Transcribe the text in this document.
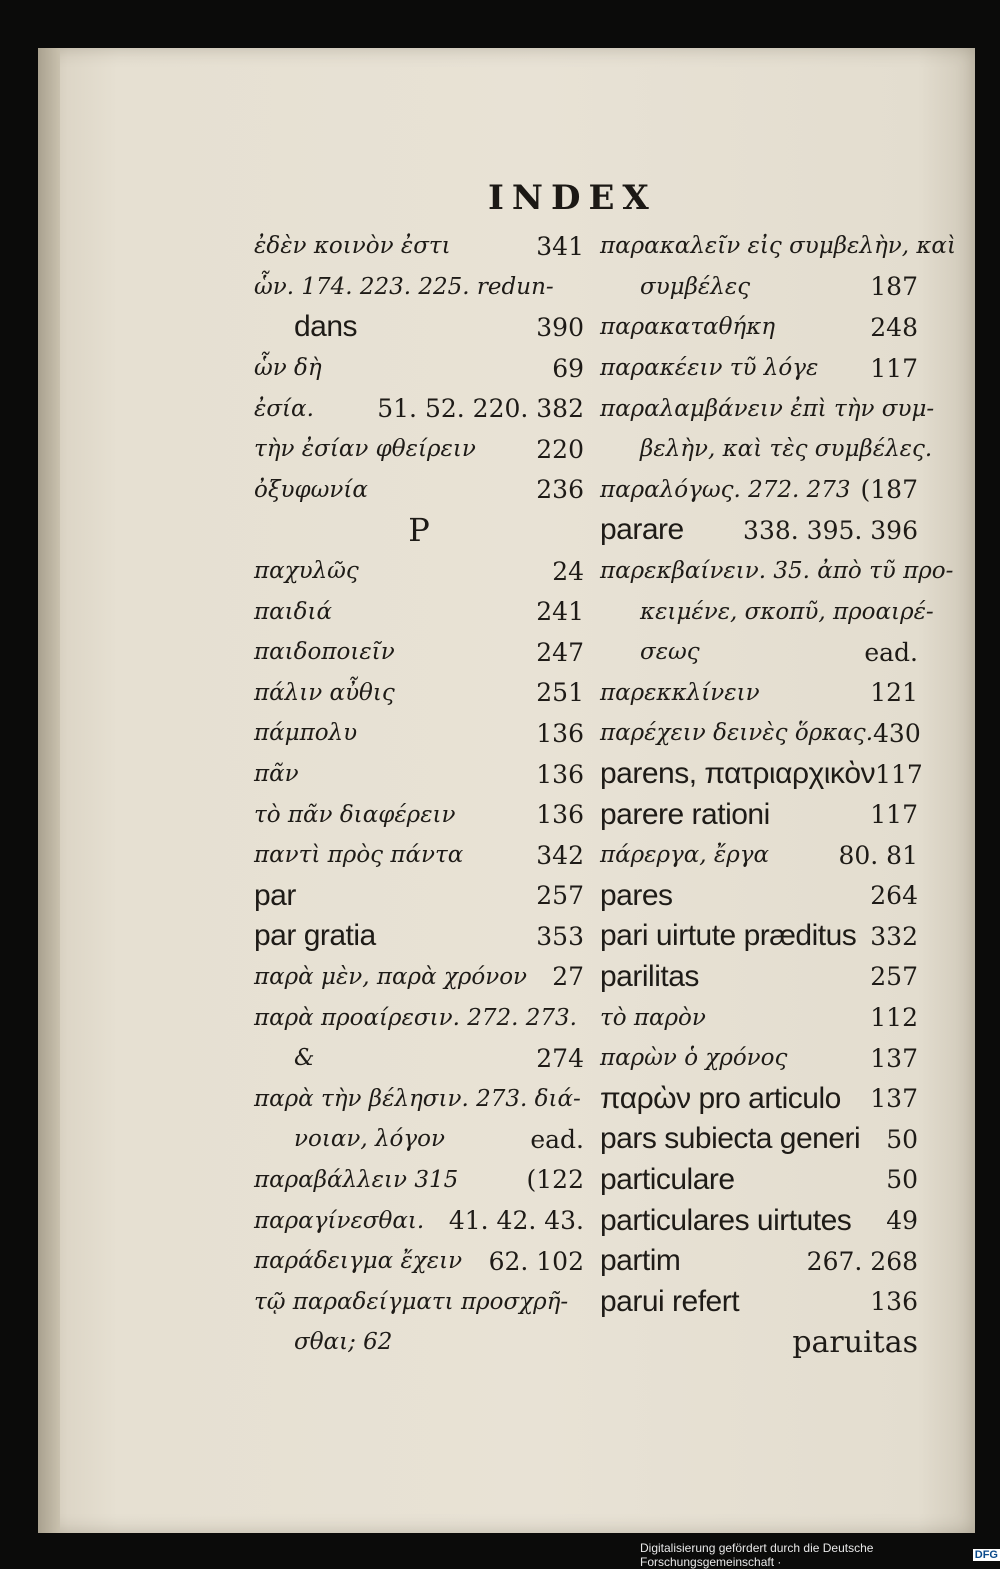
INDEX
ἐδὲν κοινὸν ἐστι	341
ὧν. 174. 223. 225. redun-
dans	390
ὧν δὴ	69
ἐσία.	51. 52. 220. 382
τὴν ἐσίαν φθείρειν 220
ὀξυφωνία	236
P
παχυλῶς	24
παιδιά	241
παιδοποιεῖν	247
πάλιν αὖθις	251
πάμπολυ	136
πᾶν	136
τὸ πᾶν διαφέρειν	136
παντὶ πρὸς πάντα	342
par	257
par gratia	353
παρὰ μὲν, παρὰ χρόνον 27
παρὰ προαίρεσιν. 272. 273.
&	274
παρὰ τὴν βέλησιν. 273. διά-
νοιαν, λόγον	ead.
παραβάλλειν 315	(122
παραγίνεσθαι. 41. 42. 43.
παράδειγμα ἔχειν 62. 102
τῷ παραδείγματι προσχρῆ-
σθαι; 62
παρακαλεῖν εἰς συμβελὴν, καὶ
συμβέλες	187
παρακαταθήκη	248
παρακέειν τῦ λόγε 117
παραλαμβάνειν ἐπὶ τὴν συμ-
βελὴν, καὶ τὲς συμβέλες.
παραλόγως. 272. 273 (187
parare 338. 395. 396
παρεκβαίνειν. 35. ἀπὸ τῦ προ-
κειμένε, σκοπῦ, προαιρέ-
σεως	ead.
παρεκκλίνειν	121
παρέχειν δεινὲς ὅρκας. 430
parens, πατριαρχικὸν 117
parere rationi	117
πάρεργα, ἔργα	80. 81
pares	264
pari uirtute præditus 332
parilitas	257
τὸ παρὸν	112
παρὼν ὁ χρόνος	137
παρὼν pro articulo 137
pars subiecta generi 50
particulare	50
particulares uirtutes 49
partim	267. 268
parui refert	136
paruitas
Digitalisierung gefördert durch die Deutsche Forschungsgemeinschaft ·	DFG
